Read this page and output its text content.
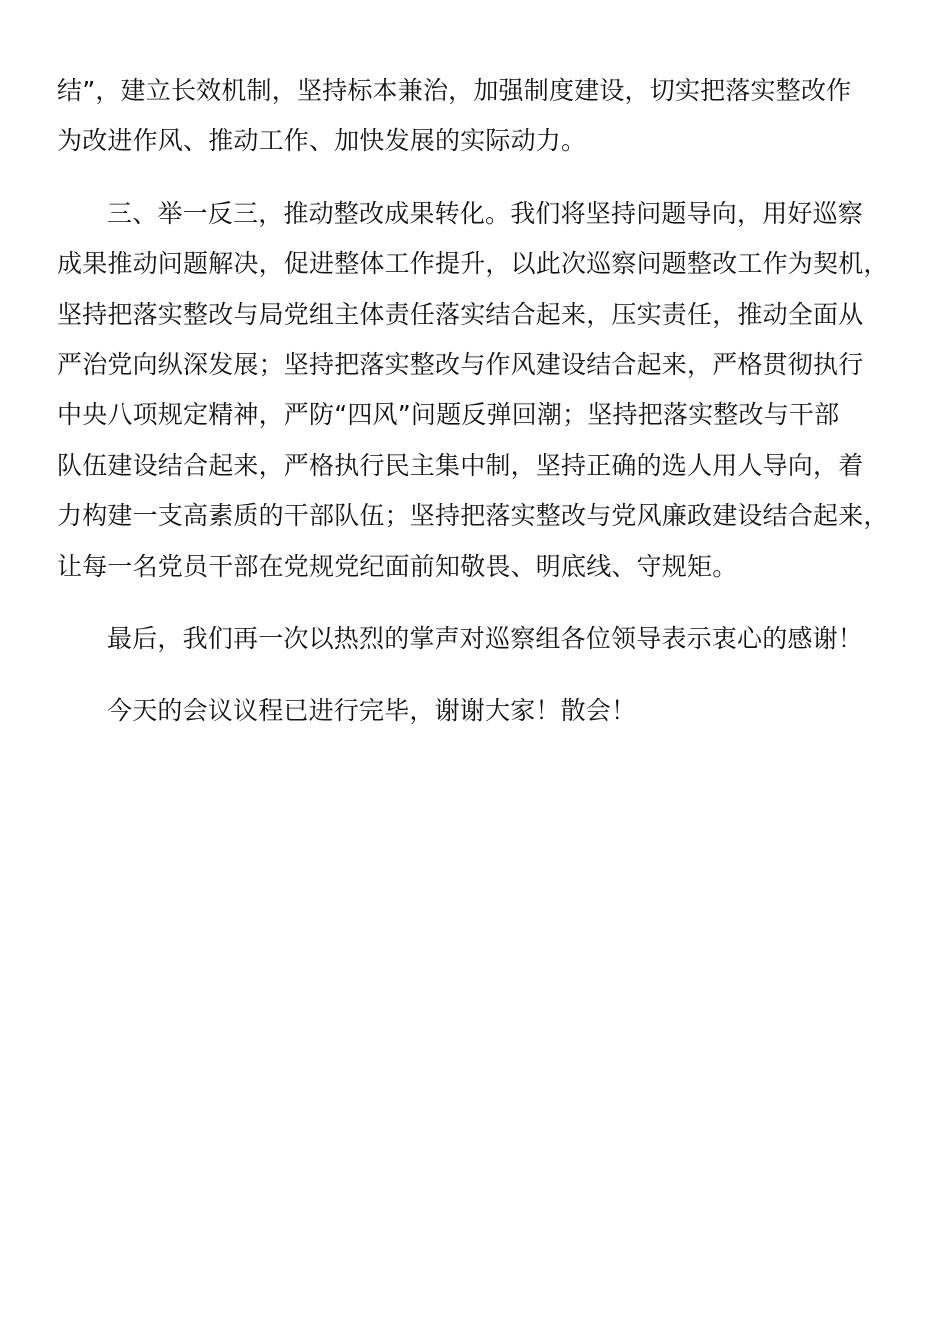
结”，建立长效机制，坚持标本兼治，加强制度建设，切实把落实整改作
为改进作风、推动工作、加快发展的实际动力。
三、举一反三，推动整改成果转化。我们将坚持问题导向，用好巡察
成果推动问题解决，促进整体工作提升，以此次巡察问题整改工作为契机，
坚持把落实整改与局党组主体责任落实结合起来，压实责任，推动全面从
严治党向纵深发展；坚持把落实整改与作风建设结合起来，严格贯彻执行
中央八项规定精神，严防“四风”问题反弹回潮；坚持把落实整改与干部
队伍建设结合起来，严格执行民主集中制，坚持正确的选人用人导向，着
力构建一支高素质的干部队伍；坚持把落实整改与党风廉政建设结合起来，
让每一名党员干部在党规党纪面前知敬畏、明底线、守规矩。
最后，我们再一次以热烈的掌声对巡察组各位领导表示衷心的感谢！
今天的会议议程已进行完毕，谢谢大家！散会！
